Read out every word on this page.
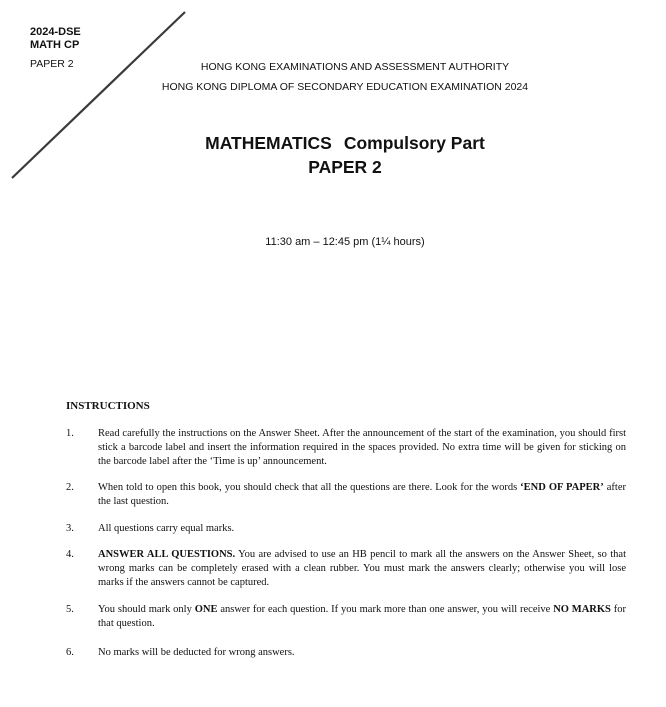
2024-DSE
MATH CP
PAPER 2	HONG KONG EXAMINATIONS AND ASSESSMENT AUTHORITY
HONG KONG DIPLOMA OF SECONDARY EDUCATION EXAMINATION 2024
MATHEMATICS Compulsory Part
PAPER 2
11:30 am – 12:45 pm (1¼ hours)
INSTRUCTIONS
1.	Read carefully the instructions on the Answer Sheet. After the announcement of the start of the examination, you should first stick a barcode label and insert the information required in the spaces provided. No extra time will be given for sticking on the barcode label after the ‘Time is up’ announcement.
2.	When told to open this book, you should check that all the questions are there. Look for the words ‘END OF PAPER’ after the last question.
3.	All questions carry equal marks.
4.	ANSWER ALL QUESTIONS. You are advised to use an HB pencil to mark all the answers on the Answer Sheet, so that wrong marks can be completely erased with a clean rubber. You must mark the answers clearly; otherwise you will lose marks if the answers cannot be captured.
5.	You should mark only ONE answer for each question. If you mark more than one answer, you will receive NO MARKS for that question.
6.	No marks will be deducted for wrong answers.
